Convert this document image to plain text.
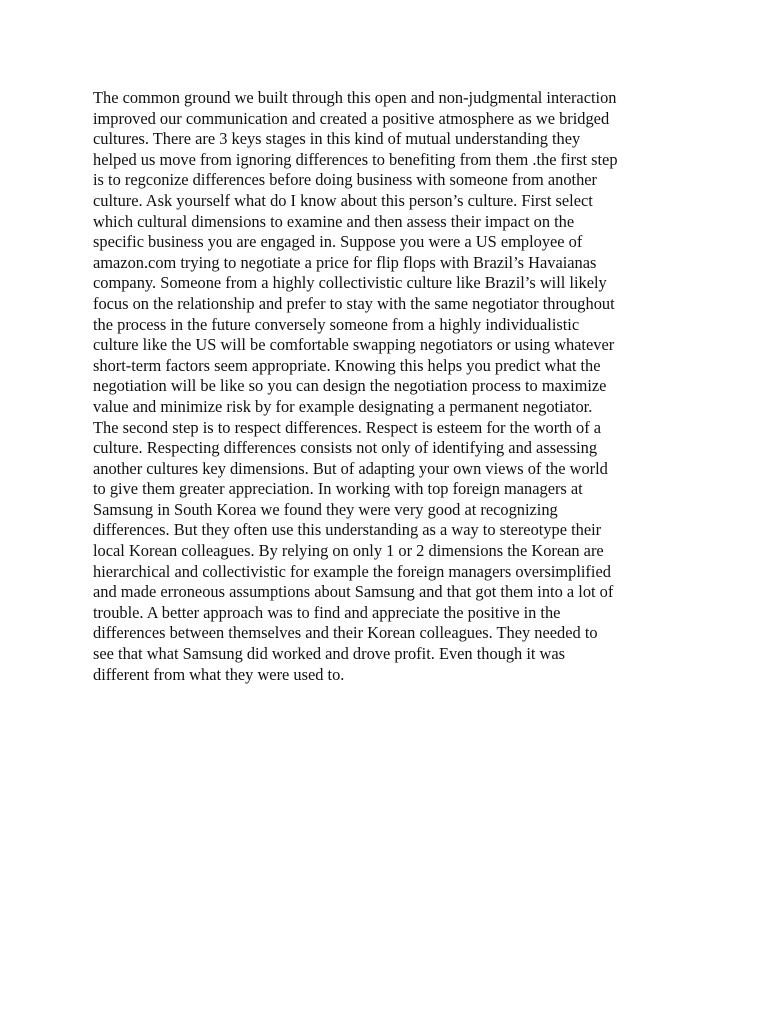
The common ground we built through this open and non-judgmental interaction
improved our communication and created a positive atmosphere as we bridged
cultures. There are 3 keys stages in this kind of mutual understanding they
helped us move from ignoring differences to benefiting from them .the first step
is to regconize differences before doing business with someone from another
culture. Ask yourself what do I know about this person’s culture. First select
which cultural dimensions to examine and then assess their impact on the
specific business you are engaged in. Suppose you were a US employee of
amazon.com trying to negotiate a price for flip flops with Brazil’s Havaianas
company. Someone from a highly collectivistic culture like Brazil’s will likely
focus on the relationship and prefer to stay with the same negotiator throughout
the process in the future conversely someone from a highly individualistic
culture like the US will be comfortable swapping negotiators or using whatever
short-term factors seem appropriate. Knowing this helps you predict what the
negotiation will be like so you can design the negotiation process to maximize
value and minimize risk by for example designating a permanent negotiator.
The second step is to respect differences. Respect is esteem for the worth of a
culture. Respecting differences consists not only of identifying and assessing
another cultures key dimensions. But of adapting your own views of the world
to give them greater appreciation. In working with top foreign managers at
Samsung in South Korea we found they were very good at recognizing
differences. But they often use this understanding as a way to stereotype their
local Korean colleagues. By relying on only 1 or 2 dimensions the Korean are
hierarchical and collectivistic for example the foreign managers oversimplified
and made erroneous assumptions about Samsung and that got them into a lot of
trouble. A better approach was to find and appreciate the positive in the
differences between themselves and their Korean colleagues. They needed to
see that what Samsung did worked and drove profit. Even though it was
different from what they were used to.
